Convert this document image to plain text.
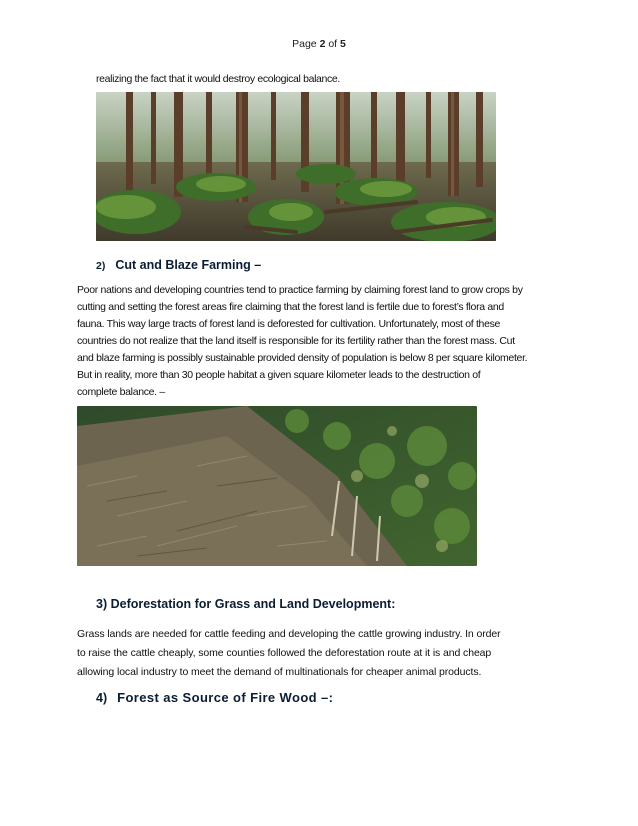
Page 2 of 5
realizing the fact that it would destroy ecological balance.
2) Cut and Blaze Farming –
Poor nations and developing countries tend to practice farming by claiming forest land to grow crops by
cutting and setting the forest areas fire claiming that the forest land is fertile due to forest’s flora and
fauna. This way large tracts of forest land is deforested for cultivation. Unfortunately, most of these
countries do not realize that the land itself is responsible for its fertility rather than the forest mass. Cut
and blaze farming is possibly sustainable provided density of population is below 8 per square kilometer.
But in reality, more than 30 people habitat a given square kilometer leads to the destruction of
complete balance. –
3) Deforestation for Grass and Land Development:
Grass lands are needed for cattle feeding and developing the cattle growing industry. In order
to raise the cattle cheaply, some counties followed the deforestation route at it is and cheap
allowing local industry to meet the demand of multinationals for cheaper animal products.
4) Forest as Source of Fire Wood –:
